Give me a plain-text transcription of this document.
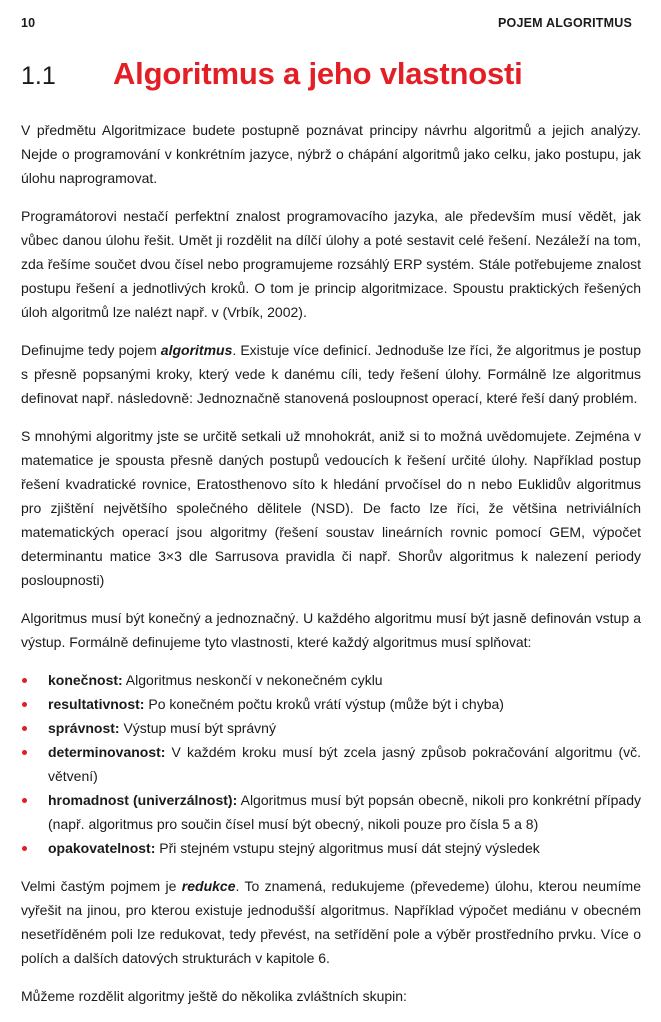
10	POJEM ALGORITMUS
1.1	Algoritmus a jeho vlastnosti

V předmětu Algoritmizace budete postupně poznávat principy návrhu algoritmů a jejich analýzy. Nejde o programování v konkrétním jazyce, nýbrž o chápání algoritmů jako celku, jako postupu, jak úlohu naprogramovat.

Programátorovi nestačí perfektní znalost programovacího jazyka, ale především musí vědět, jak vůbec danou úlohu řešit. Umět ji rozdělit na dílčí úlohy a poté sestavit celé řešení. Nezáleží na tom, zda řešíme součet dvou čísel nebo programujeme rozsáhlý ERP systém. Stále potřebujeme znalost postupu řešení a jednotlivých kroků. O tom je princip algoritmizace. Spoustu praktických řešených úloh algoritmů lze nalézt např. v (Vrbík, 2002).

Definujme tedy pojem algoritmus. Existuje více definicí. Jednoduše lze říci, že algoritmus je postup s přesně popsanými kroky, který vede k danému cíli, tedy řešení úlohy. Formálně lze algoritmus definovat např. následovně: Jednoznačně stanovená posloupnost operací, které řeší daný problém.

S mnohými algoritmy jste se určitě setkali už mnohokrát, aniž si to možná uvědomujete. Zejména v matematice je spousta přesně daných postupů vedoucích k řešení určité úlohy. Například postup řešení kvadratické rovnice, Eratosthenovo síto k hledání prvočísel do n nebo Euklidův algoritmus pro zjištění největšího společného dělitele (NSD). De facto lze říci, že většina netriviálních matematických operací jsou algoritmy (řešení soustav lineárních rovnic pomocí GEM, výpočet determinantu matice 3×3 dle Sarrusova pravidla či např. Shorův algoritmus k nalezení periody posloupnosti)

Algoritmus musí být konečný a jednoznačný. U každého algoritmu musí být jasně definován vstup a výstup. Formálně definujeme tyto vlastnosti, které každý algoritmus musí splňovat:

konečnost: Algoritmus neskončí v nekonečném cyklu
resultativnost: Po konečném počtu kroků vrátí výstup (může být i chyba)
správnost: Výstup musí být správný
determinovanost: V každém kroku musí být zcela jasný způsob pokračování algoritmu (vč. větvení)
hromadnost (univerzálnost): Algoritmus musí být popsán obecně, nikoli pro konkrétní případy (např. algoritmus pro součin čísel musí být obecný, nikoli pouze pro čísla 5 a 8)
opakovatelnost: Při stejném vstupu stejný algoritmus musí dát stejný výsledek

Velmi častým pojmem je redukce. To znamená, redukujeme (převedeme) úlohu, kterou neumíme vyřešit na jinou, pro kterou existuje jednodušší algoritmus. Například výpočet mediánu v obecném nesetříděném poli lze redukovat, tedy převést, na setřídění pole a výběr prostředního prvku. Více o polích a dalších datových strukturách v kapitole 6.

Můžeme rozdělit algoritmy ještě do několika zvláštních skupin:
